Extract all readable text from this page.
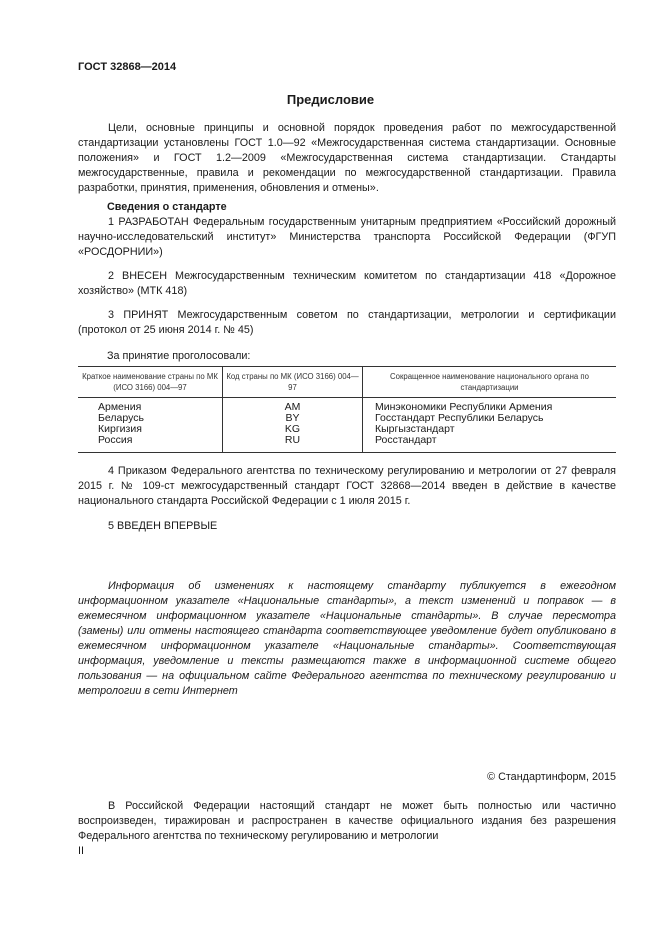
ГОСТ 32868—2014
Предисловие

Цели, основные принципы и основной порядок проведения работ по межгосударственной стандартизации установлены ГОСТ 1.0—92 «Межгосударственная система стандартизации. Основные положения» и ГОСТ 1.2—2009 «Межгосударственная система стандартизации. Стандарты межгосударственные, правила и рекомендации по межгосударственной стандартизации. Правила разработки, принятия, применения, обновления и отмены».

Сведения о стандарте

1 РАЗРАБОТАН Федеральным государственным унитарным предприятием «Российский дорожный научно-исследовательский институт» Министерства транспорта Российской Федерации (ФГУП «РОСДОРНИИ»)

2 ВНЕСЕН Межгосударственным техническим комитетом по стандартизации 418 «Дорожное хозяйство» (МТК 418)

3 ПРИНЯТ Межгосударственным советом по стандартизации, метрологии и сертификации (протокол от 25 июня 2014 г. № 45)

За принятие проголосовали:
Краткое наименование страны по МК (ИСО 3166) 004—97	Код страны по МК (ИСО 3166) 004—97	Сокращенное наименование национального органа по стандартизации
Армения	AM	Минэкономики Республики Армения
Беларусь	BY	Госстандарт Республики Беларусь
Киргизия	KG	Кыргызстандарт
Россия	RU	Росстандарт

4 Приказом Федерального агентства по техническому регулированию и метрологии от 27 февраля 2015 г. № 109-ст межгосударственный стандарт ГОСТ 32868—2014 введен в действие в качестве национального стандарта Российской Федерации с 1 июля 2015 г.

5 ВВЕДЕН ВПЕРВЫЕ

Информация об изменениях к настоящему стандарту публикуется в ежегодном информационном указателе «Национальные стандарты», а текст изменений и поправок — в ежемесячном информационном указателе «Национальные стандарты». В случае пересмотра (замены) или отмены настоящего стандарта соответствующее уведомление будет опубликовано в ежемесячном информационном указателе «Национальные стандарты». Соответствующая информация, уведомление и тексты размещаются также в информационной системе общего пользования — на официальном сайте Федерального агентства по техническому регулированию и метрологии в сети Интернет

© Стандартинформ, 2015

В Российской Федерации настоящий стандарт не может быть полностью или частично воспроизведен, тиражирован и распространен в качестве официального издания без разрешения Федерального агентства по техническому регулированию и метрологии

II
